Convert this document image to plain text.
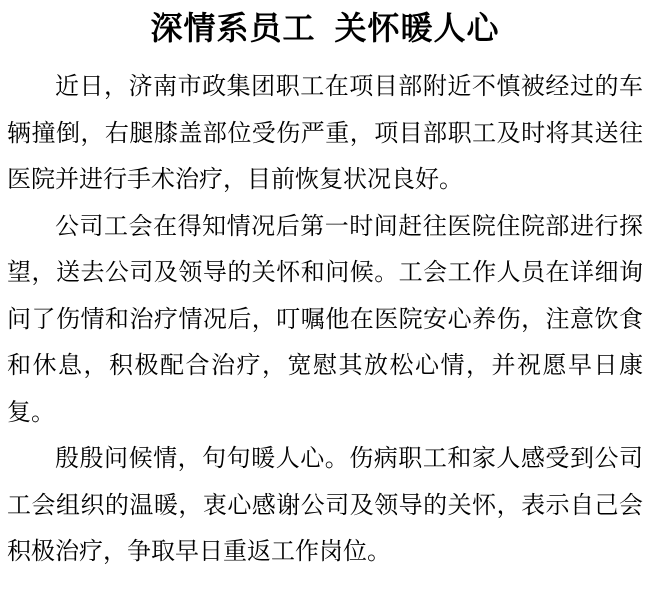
深情系员工 关怀暖人心

近日，济南市政集团职工在项目部附近不慎被经过的车辆撞倒，右腿膝盖部位受伤严重，项目部职工及时将其送往医院并进行手术治疗，目前恢复状况良好。

公司工会在得知情况后第一时间赶往医院住院部进行探望，送去公司及领导的关怀和问候。工会工作人员在详细询问了伤情和治疗情况后，叮嘱他在医院安心养伤，注意饮食和休息，积极配合治疗，宽慰其放松心情，并祝愿早日康复。

殷殷问候情，句句暖人心。伤病职工和家人感受到公司工会组织的温暖，衷心感谢公司及领导的关怀，表示自己会积极治疗，争取早日重返工作岗位。
